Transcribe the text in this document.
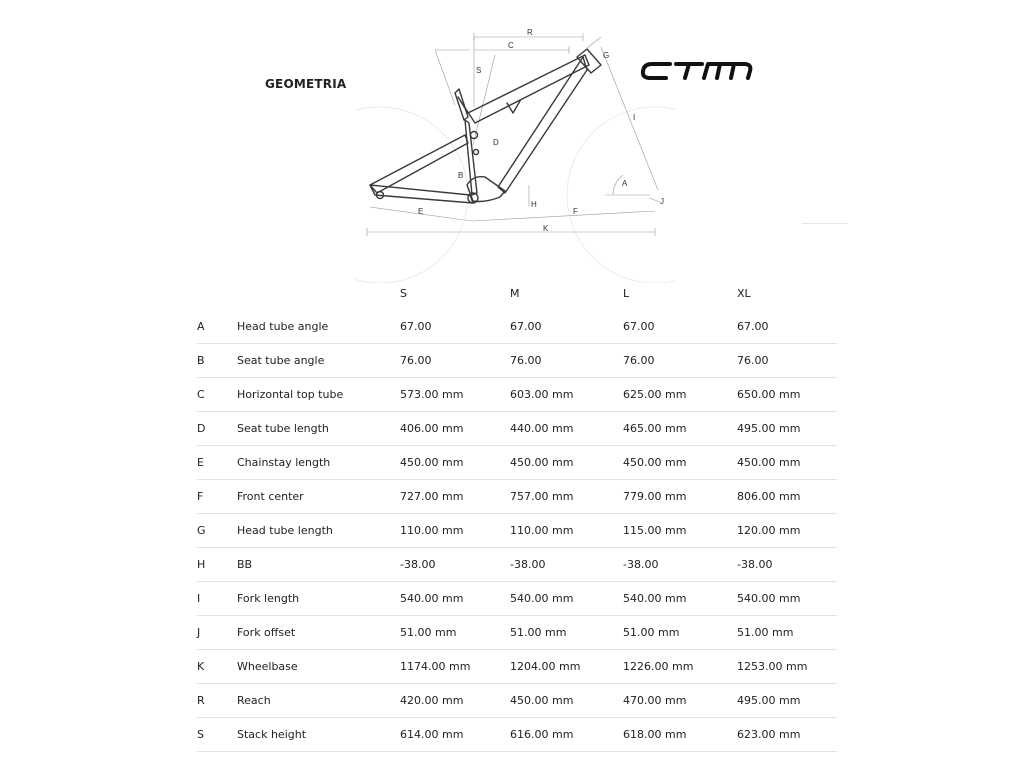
GEOMETRIA
R
C
S
G
D
I
A
B
H	J
E	F
K
		S	M	L	XL
A	Head tube angle	67.00	67.00	67.00	67.00
B	Seat tube angle	76.00	76.00	76.00	76.00
C	Horizontal top tube	573.00 mm	603.00 mm	625.00 mm	650.00 mm
D	Seat tube length	406.00 mm	440.00 mm	465.00 mm	495.00 mm
E	Chainstay length	450.00 mm	450.00 mm	450.00 mm	450.00 mm
F	Front center	727.00 mm	757.00 mm	779.00 mm	806.00 mm
G	Head tube length	110.00 mm	110.00 mm	115.00 mm	120.00 mm
H	BB	-38.00	-38.00	-38.00	-38.00
I	Fork length	540.00 mm	540.00 mm	540.00 mm	540.00 mm
J	Fork offset	51.00 mm	51.00 mm	51.00 mm	51.00 mm
K	Wheelbase	1174.00 mm	1204.00 mm	1226.00 mm	1253.00 mm
R	Reach	420.00 mm	450.00 mm	470.00 mm	495.00 mm
S	Stack height	614.00 mm	616.00 mm	618.00 mm	623.00 mm
